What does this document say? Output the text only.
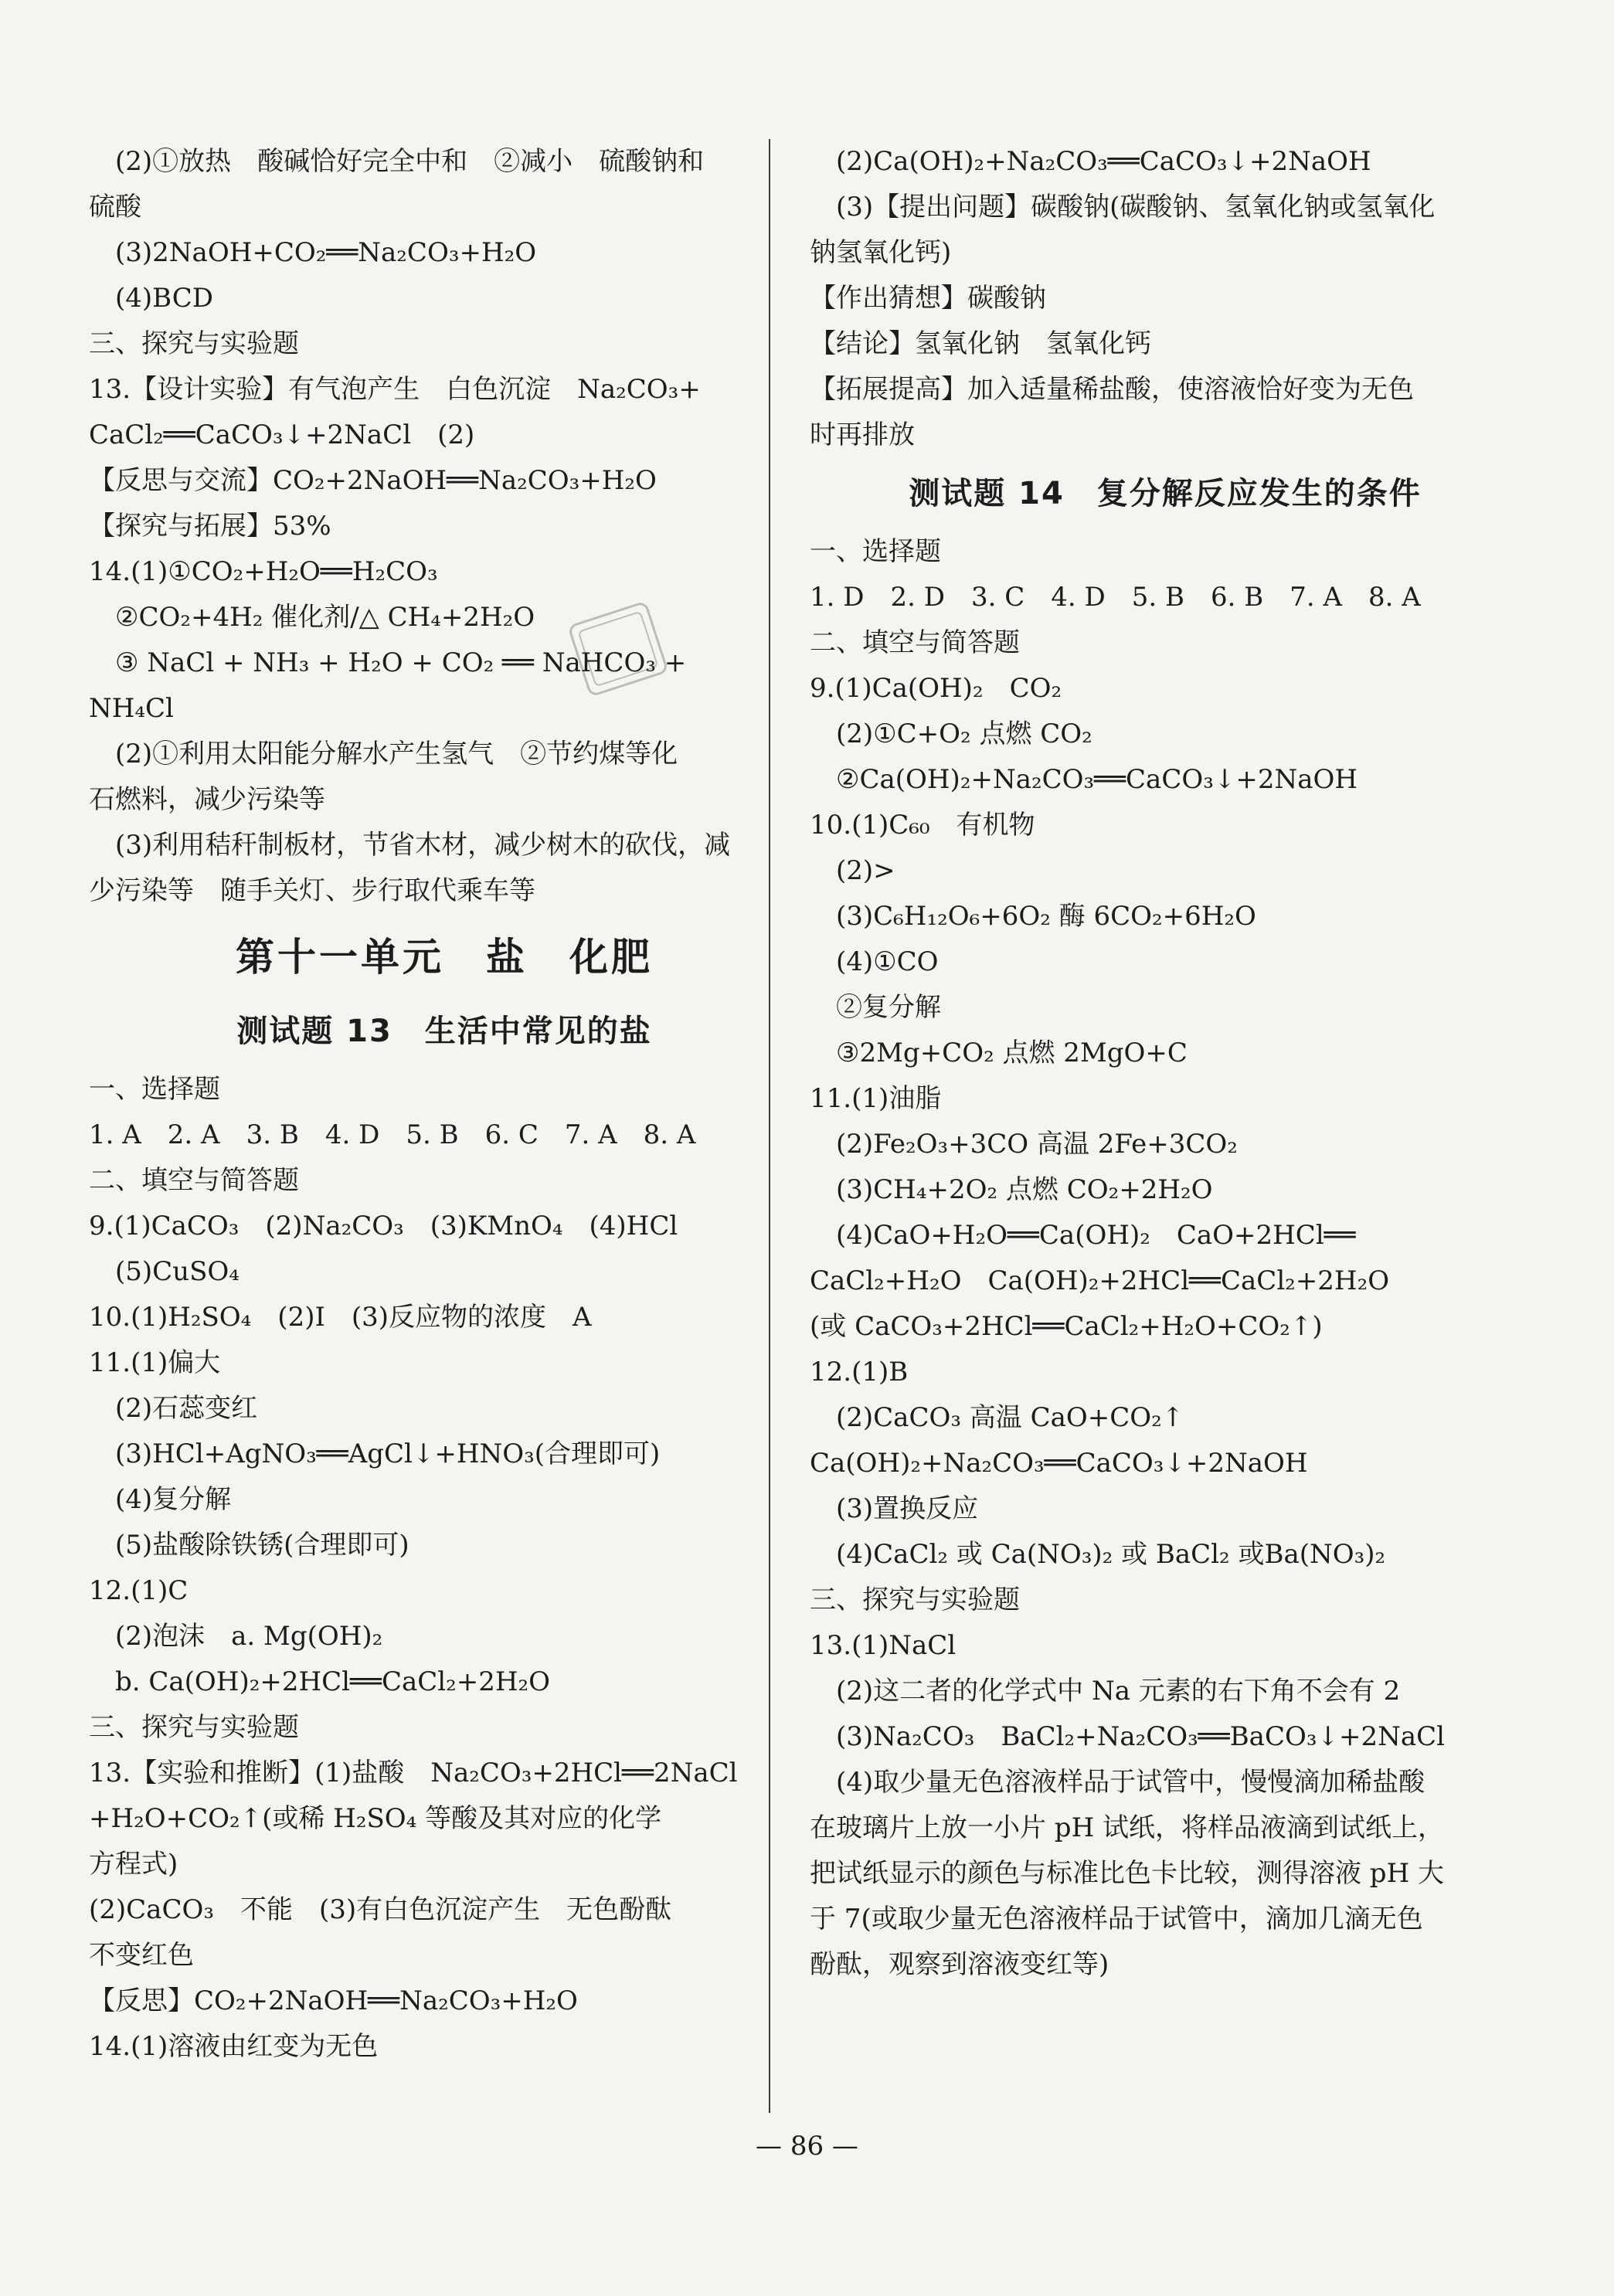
(2)①放热　酸碱恰好完全中和　②减小　硫酸钠和
硫酸
(3)2NaOH+CO₂══Na₂CO₃+H₂O
(4)BCD
三、探究与实验题
13.【设计实验】有气泡产生　白色沉淀　Na₂CO₃+
CaCl₂══CaCO₃↓+2NaCl　(2)
【反思与交流】CO₂+2NaOH══Na₂CO₃+H₂O
【探究与拓展】53%
14.(1)①CO₂+H₂O══H₂CO₃
②CO₂+4H₂ 催化剂/△ CH₄+2H₂O
③ NaCl + NH₃ + H₂O + CO₂ ══ NaHCO₃ +
NH₄Cl
(2)①利用太阳能分解水产生氢气　②节约煤等化
石燃料，减少污染等
(3)利用秸秆制板材，节省木材，减少树木的砍伐，减
少污染等　随手关灯、步行取代乘车等
第十一单元　盐　化肥
测试题 13　生活中常见的盐
一、选择题
1. A　2. A　3. B　4. D　5. B　6. C　7. A　8. A
二、填空与简答题
9.(1)CaCO₃　(2)Na₂CO₃　(3)KMnO₄　(4)HCl
(5)CuSO₄
10.(1)H₂SO₄　(2)Ⅰ　(3)反应物的浓度　A
11.(1)偏大
(2)石蕊变红
(3)HCl+AgNO₃══AgCl↓+HNO₃(合理即可)
(4)复分解
(5)盐酸除铁锈(合理即可)
12.(1)C
(2)泡沫　a. Mg(OH)₂
b. Ca(OH)₂+2HCl══CaCl₂+2H₂O
三、探究与实验题
13.【实验和推断】(1)盐酸　Na₂CO₃+2HCl══2NaCl
+H₂O+CO₂↑(或稀 H₂SO₄ 等酸及其对应的化学
方程式)
(2)CaCO₃　不能　(3)有白色沉淀产生　无色酚酞
不变红色
【反思】CO₂+2NaOH══Na₂CO₃+H₂O
14.(1)溶液由红变为无色
(2)Ca(OH)₂+Na₂CO₃══CaCO₃↓+2NaOH
(3)【提出问题】碳酸钠(碳酸钠、氢氧化钠或氢氧化
钠氢氧化钙)
【作出猜想】碳酸钠
【结论】氢氧化钠　氢氧化钙
【拓展提高】加入适量稀盐酸，使溶液恰好变为无色
时再排放
测试题 14　复分解反应发生的条件
一、选择题
1. D　2. D　3. C　4. D　5. B　6. B　7. A　8. A
二、填空与简答题
9.(1)Ca(OH)₂　CO₂
(2)①C+O₂ 点燃 CO₂
②Ca(OH)₂+Na₂CO₃══CaCO₃↓+2NaOH
10.(1)C₆₀　有机物
(2)>
(3)C₆H₁₂O₆+6O₂ 酶 6CO₂+6H₂O
(4)①CO
②复分解
③2Mg+CO₂ 点燃 2MgO+C
11.(1)油脂
(2)Fe₂O₃+3CO 高温 2Fe+3CO₂
(3)CH₄+2O₂ 点燃 CO₂+2H₂O
(4)CaO+H₂O══Ca(OH)₂　CaO+2HCl══
CaCl₂+H₂O　Ca(OH)₂+2HCl══CaCl₂+2H₂O
(或 CaCO₃+2HCl══CaCl₂+H₂O+CO₂↑)
12.(1)B
(2)CaCO₃ 高温 CaO+CO₂↑
Ca(OH)₂+Na₂CO₃══CaCO₃↓+2NaOH
(3)置换反应
(4)CaCl₂ 或 Ca(NO₃)₂ 或 BaCl₂ 或Ba(NO₃)₂
三、探究与实验题
13.(1)NaCl
(2)这二者的化学式中 Na 元素的右下角不会有 2
(3)Na₂CO₃　BaCl₂+Na₂CO₃══BaCO₃↓+2NaCl
(4)取少量无色溶液样品于试管中，慢慢滴加稀盐酸
在玻璃片上放一小片 pH 试纸，将样品液滴到试纸上，
把试纸显示的颜色与标准比色卡比较，测得溶液 pH 大
于 7(或取少量无色溶液样品于试管中，滴加几滴无色
酚酞，观察到溶液变红等)
— 86 —
